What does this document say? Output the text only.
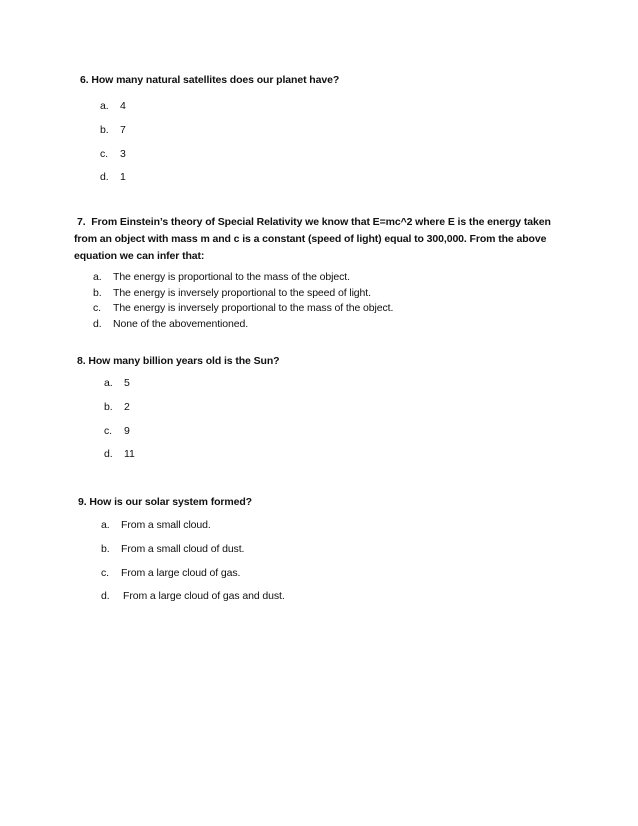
6. How many natural satellites does our planet have?
a. 4
b. 7
c. 3
d. 1
7. From Einstein’s theory of Special Relativity we know that E=mc^2 where E is the energy taken
from an object with mass m and c is a constant (speed of light) equal to 300,000. From the above
equation we can infer that:
a. The energy is proportional to the mass of the object.
b. The energy is inversely proportional to the speed of light.
c. The energy is inversely proportional to the mass of the object.
d. None of the abovementioned.
8. How many billion years old is the Sun?
a. 5
b. 2
c. 9
d. 11
9. How is our solar system formed?
a. From a small cloud.
b. From a small cloud of dust.
c. From a large cloud of gas.
d. From a large cloud of gas and dust.
